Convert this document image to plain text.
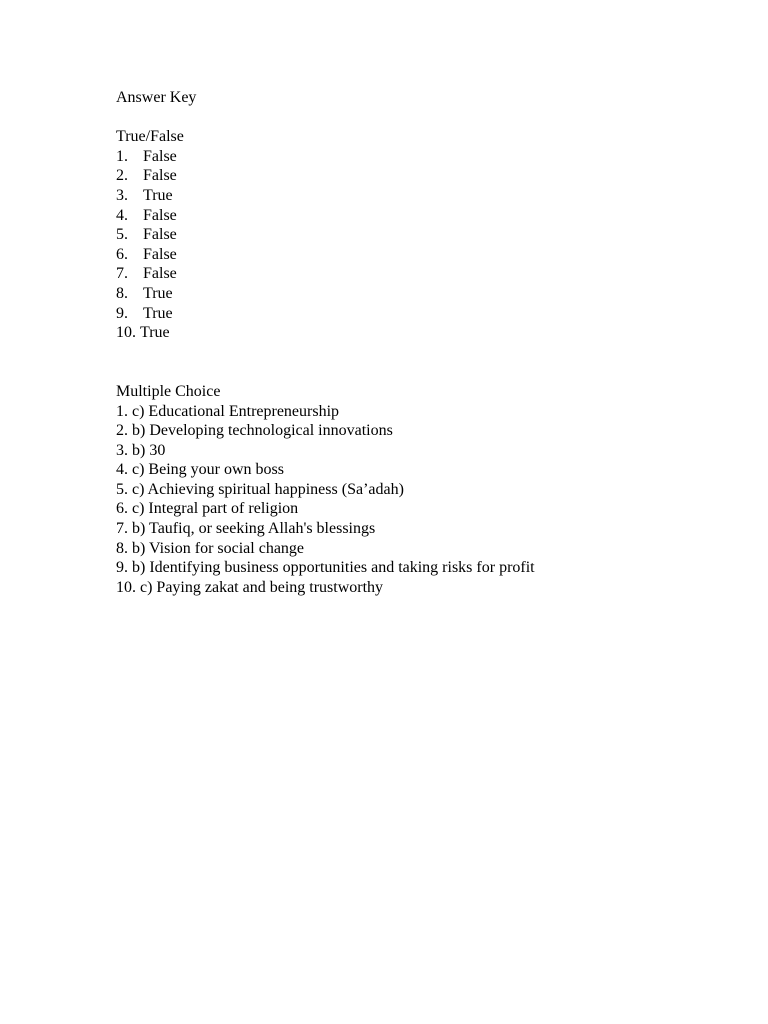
Answer Key
True/False
1. False
2. False
3. True
4. False
5. False
6. False
7. False
8. True
9. True
10. True
Multiple Choice
1. c) Educational Entrepreneurship
2. b) Developing technological innovations
3. b) 30
4. c) Being your own boss
5. c) Achieving spiritual happiness (Sa’adah)
6. c) Integral part of religion
7. b) Taufiq, or seeking Allah's blessings
8. b) Vision for social change
9. b) Identifying business opportunities and taking risks for profit
10. c) Paying zakat and being trustworthy
